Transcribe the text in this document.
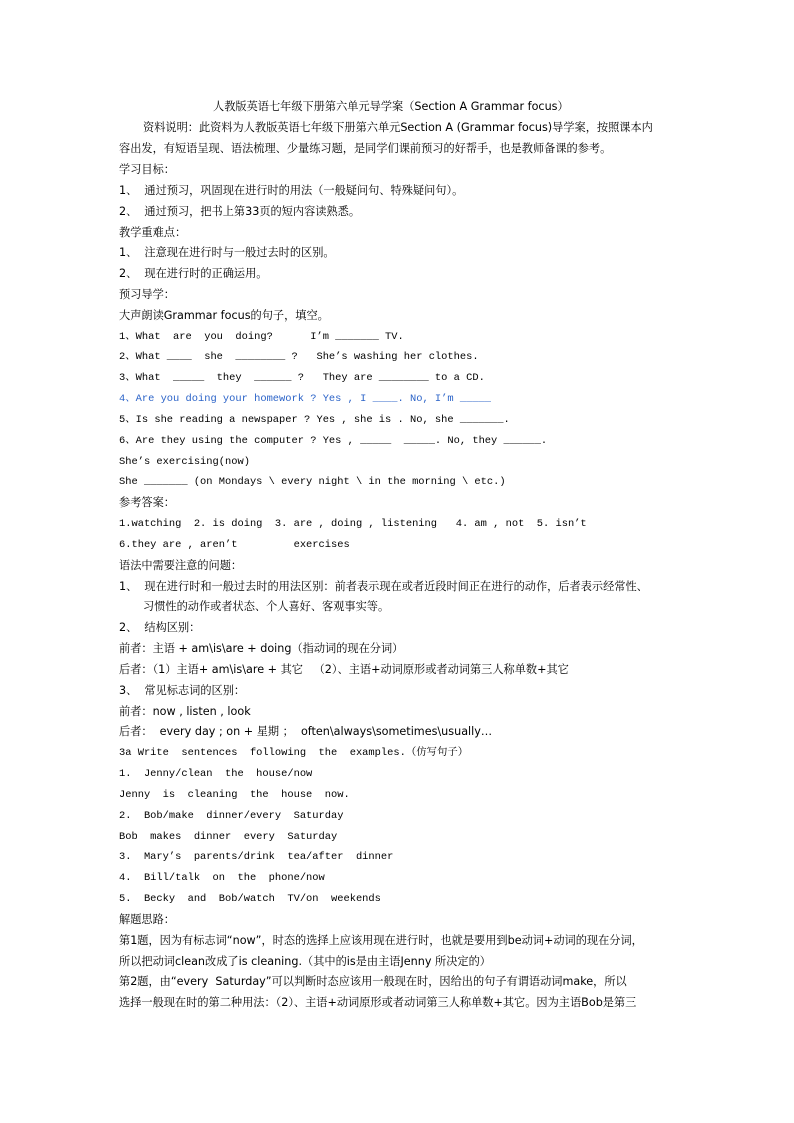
人教版英语七年级下册第六单元导学案（Section A Grammar focus）
资料说明：此资料为人教版英语七年级下册第六单元Section A (Grammar focus)导学案，按照课本内
容出发，有短语呈现、语法梳理、少量练习题，是同学们课前预习的好帮手，也是教师备课的参考。
学习目标：
1、  通过预习，巩固现在进行时的用法（一般疑问句、特殊疑问句）。
2、  通过预习，把书上第33页的短内容读熟悉。
教学重难点：
1、  注意现在进行时与一般过去时的区别。
2、  现在进行时的正确运用。
预习导学：
大声朗读Grammar focus的句子，填空。
1、What  are  you  doing?      I’m _______ TV.
2、What ____  she  ________ ?   She’s washing her clothes.
3、What  _____  they  ______ ?   They are ________ to a CD.
4、Are you doing your homework ? Yes , I ____. No, I’m _____
5、Is she reading a newspaper ? Yes , she is . No, she _______.
6、Are they using the computer ? Yes , _____  _____. No, they ______.
She’s exercising(now)
She _______ (on Mondays \ every night \ in the morning \ etc.)
参考答案：
1.watching  2. is doing  3. are , doing , listening   4. am , not  5. isn’t
6.they are , aren’t         exercises
语法中需要注意的问题：
1、  现在进行时和一般过去时的用法区别：前者表示现在或者近段时间正在进行的动作，后者表示经常性、
习惯性的动作或者状态、个人喜好、客观事实等。
2、  结构区别：
前者：主语 + am\is\are + doing（指动词的现在分词）
后者：（1）主语+ am\is\are + 其它   （2）、主语+动词原形或者动词第三人称单数+其它
3、  常见标志词的区别：
前者：now , listen , look
后者：  every day ; on + 星期 ；  often\always\sometimes\usually…
3a Write  sentences  following  the  examples.（仿写句子）
1.  Jenny/clean  the  house/now
Jenny  is  cleaning  the  house  now.
2.  Bob/make  dinner/every  Saturday
Bob  makes  dinner  every  Saturday
3.  Mary’s  parents/drink  tea/after  dinner
4.  Bill/talk  on  the  phone/now
5.  Becky  and  Bob/watch  TV/on  weekends
解题思路：
第1题，因为有标志词“now”，时态的选择上应该用现在进行时，也就是要用到be动词+动词的现在分词，
所以把动词clean改成了is cleaning.（其中的is是由主语Jenny 所决定的）
第2题，由“every  Saturday”可以判断时态应该用一般现在时，因给出的句子有谓语动词make，所以
选择一般现在时的第二种用法：（2）、主语+动词原形或者动词第三人称单数+其它。因为主语Bob是第三
